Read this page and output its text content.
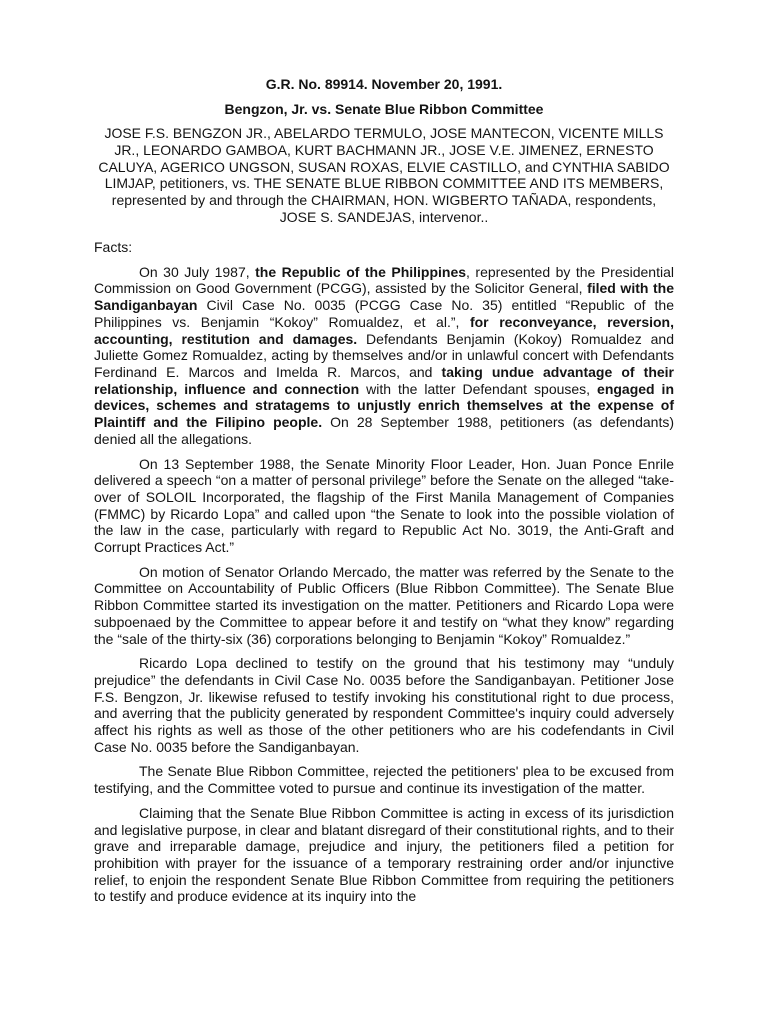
G.R. No. 89914. November 20, 1991.
Bengzon, Jr. vs. Senate Blue Ribbon Committee
JOSE F.S. BENGZON JR., ABELARDO TERMULO, JOSE MANTECON, VICENTE MILLS JR., LEONARDO GAMBOA, KURT BACHMANN JR., JOSE V.E. JIMENEZ, ERNESTO CALUYA, AGERICO UNGSON, SUSAN ROXAS, ELVIE CASTILLO, and CYNTHIA SABIDO LIMJAP, petitioners, vs. THE SENATE BLUE RIBBON COMMITTEE AND ITS MEMBERS, represented by and through the CHAIRMAN, HON. WIGBERTO TAÑADA, respondents, JOSE S. SANDEJAS, intervenor..
Facts:

On 30 July 1987, the Republic of the Philippines, represented by the Presidential Commission on Good Government (PCGG), assisted by the Solicitor General, filed with the Sandiganbayan Civil Case No. 0035 (PCGG Case No. 35) entitled “Republic of the Philippines vs. Benjamin “Kokoy” Romualdez, et al.”, for reconveyance, reversion, accounting, restitution and damages. Defendants Benjamin (Kokoy) Romualdez and Juliette Gomez Romualdez, acting by themselves and/or in unlawful concert with Defendants Ferdinand E. Marcos and Imelda R. Marcos, and taking undue advantage of their relationship, influence and connection with the latter Defendant spouses, engaged in devices, schemes and stratagems to unjustly enrich themselves at the expense of Plaintiff and the Filipino people. On 28 September 1988, petitioners (as defendants) denied all the allegations.

On 13 September 1988, the Senate Minority Floor Leader, Hon. Juan Ponce Enrile delivered a speech “on a matter of personal privilege” before the Senate on the alleged “take-over of SOLOIL Incorporated, the flagship of the First Manila Management of Companies (FMMC) by Ricardo Lopa” and called upon “the Senate to look into the possible violation of the law in the case, particularly with regard to Republic Act No. 3019, the Anti-Graft and Corrupt Practices Act.”

On motion of Senator Orlando Mercado, the matter was referred by the Senate to the Committee on Accountability of Public Officers (Blue Ribbon Committee). The Senate Blue Ribbon Committee started its investigation on the matter. Petitioners and Ricardo Lopa were subpoenaed by the Committee to appear before it and testify on “what they know” regarding the “sale of the thirty-six (36) corporations belonging to Benjamin “Kokoy” Romualdez.”

Ricardo Lopa declined to testify on the ground that his testimony may “unduly prejudice” the defendants in Civil Case No. 0035 before the Sandiganbayan. Petitioner Jose F.S. Bengzon, Jr. likewise refused to testify invoking his constitutional right to due process, and averring that the publicity generated by respondent Committee's inquiry could adversely affect his rights as well as those of the other petitioners who are his codefendants in Civil Case No. 0035 before the Sandiganbayan.

The Senate Blue Ribbon Committee, rejected the petitioners' plea to be excused from testifying, and the Committee voted to pursue and continue its investigation of the matter.

Claiming that the Senate Blue Ribbon Committee is acting in excess of its jurisdiction and legislative purpose, in clear and blatant disregard of their constitutional rights, and to their grave and irreparable damage, prejudice and injury, the petitioners filed a petition for prohibition with prayer for the issuance of a temporary restraining order and/or injunctive relief, to enjoin the respondent Senate Blue Ribbon Committee from requiring the petitioners to testify and produce evidence at its inquiry into the
